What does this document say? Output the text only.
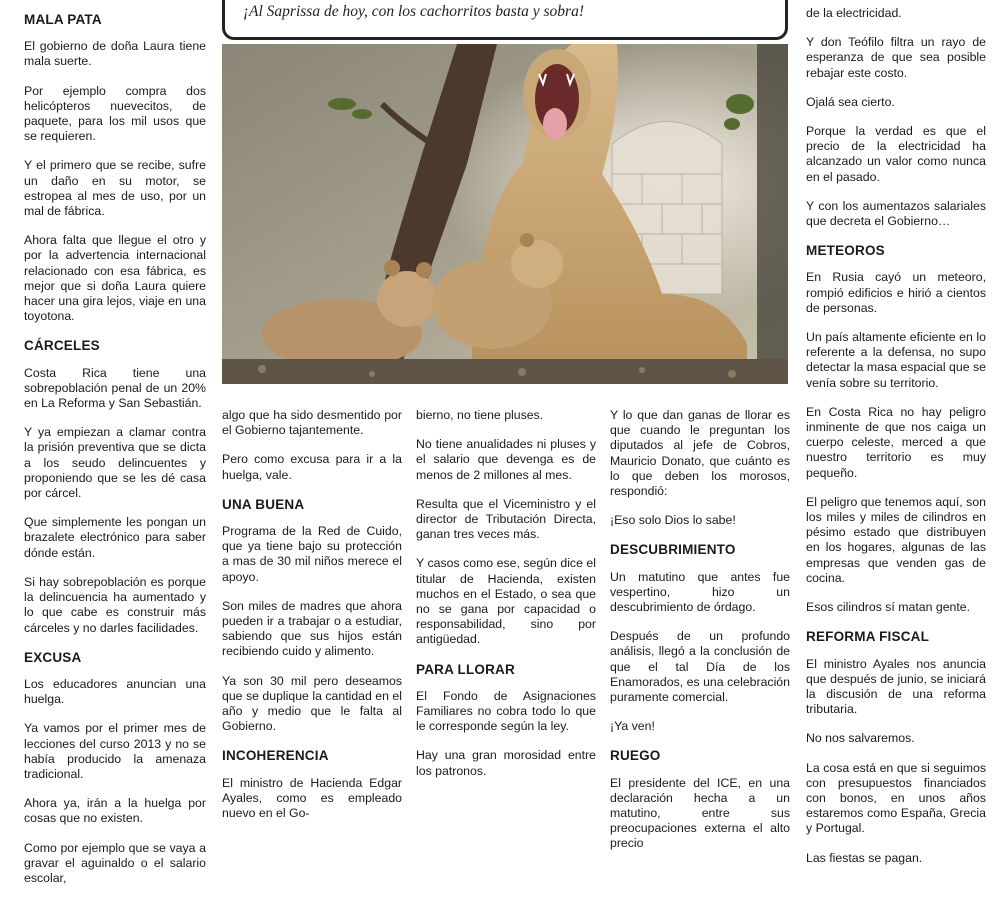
¡Al Saprissa de hoy, con los cachorritos basta y sobra!
MALA PATA

El gobierno de doña Laura tiene mala suerte.

Por ejemplo compra dos helicópteros nuevecitos, de paquete, para los mil usos que se requieren.

Y el primero que se recibe, sufre un daño en su motor, se estropea al mes de uso, por un mal de fábrica.

Ahora falta que llegue el otro y por la advertencia internacional relacionado con esa fábrica, es mejor que si doña Laura quiere hacer una gira lejos, viaje en una toyotona.

CÁRCELES

Costa Rica tiene una sobrepoblación penal de un 20% en La Reforma y San Sebastián.

Y ya empiezan a clamar contra la prisión preventiva que se dicta a los seudo delincuentes y proponiendo que se les dé casa por cárcel.

Que simplemente les pongan un brazalete electrónico para saber dónde están.

Si hay sobrepoblación es porque la delincuencia ha aumentado y lo que cabe es construir más cárceles y no darles facilidades.

EXCUSA

Los educadores anuncian una huelga.

Ya vamos por el primer mes de lecciones del curso 2013 y no se había producido la amenaza tradicional.

Ahora ya, irán a la huelga por cosas que no existen.

Como por ejemplo que se vaya a gravar el aguinaldo o el salario escolar,

algo que ha sido desmentido por el Gobierno tajantemente.

Pero como excusa para ir a la huelga, vale.

UNA BUENA

Programa de la Red de Cuido, que ya tiene bajo su protección a mas de 30 mil niños merece el apoyo.

Son miles de madres que ahora pueden ir a trabajar o a estudiar, sabiendo que sus hijos están recibiendo cuido y alimento.

Ya son 30 mil pero deseamos que se duplique la cantidad en el año y medio que le falta al Gobierno.

INCOHERENCIA

El ministro de Hacienda Edgar Ayales, como es empleado nuevo en el Go-

bierno, no tiene pluses.

No tiene anualidades ni pluses y el salario que devenga es de menos de 2 millones al mes.

Resulta que el Viceministro y el director de Tributación Directa, ganan tres veces más.

Y casos como ese, según dice el titular de Hacienda, existen muchos en el Estado, o sea que no se gana por capacidad o responsabilidad, sino por antigüedad.

PARA LLORAR

El Fondo de Asignaciones Familiares no cobra todo lo que le corresponde según la ley.

Hay una gran morosidad entre los patronos.

Y lo que dan ganas de llorar es que cuando le preguntan los diputados al jefe de Cobros, Mauricio Donato, que cuánto es lo que deben los morosos, respondió:

¡Eso solo Dios lo sabe!

DESCUBRIMIENTO

Un matutino que antes fue vespertino, hizo un descubrimiento de órdago.

Después de un profundo análisis, llegó a la conclusión de que el tal Día de los Enamorados, es una celebración puramente comercial.

¡Ya ven!

RUEGO

El presidente del ICE, en una declaración hecha a un matutino, entre sus preocupaciones externa el alto precio

de la electricidad.

Y don Teófilo filtra un rayo de esperanza de que sea posible rebajar este costo.

Ojalá sea cierto.

Porque la verdad es que el precio de la electricidad ha alcanzado un valor como nunca en el pasado.

Y con los aumentazos salariales que decreta el Gobierno…

METEOROS

En Rusia cayó un meteoro, rompió edificios e hirió a cientos de personas.

Un país altamente eficiente en lo referente a la defensa, no supo detectar la masa espacial que se venía sobre su territorio.

En Costa Rica no hay peligro inminente de que nos caiga un cuerpo celeste, merced a que nuestro territorio es muy pequeño.

El peligro que tenemos aquí, son los miles y miles de cilindros en pésimo estado que distribuyen en los hogares, algunas de las empresas que venden gas de cocina.

Esos cilindros sí matan gente.

REFORMA FISCAL

El ministro Ayales nos anuncia que después de junio, se iniciará la discusión de una reforma tributaria.

No nos salvaremos.

La cosa está en que si seguimos con presupuestos financiados con bonos, en unos años estaremos como España, Grecia y Portugal.

Las fiestas se pagan.
